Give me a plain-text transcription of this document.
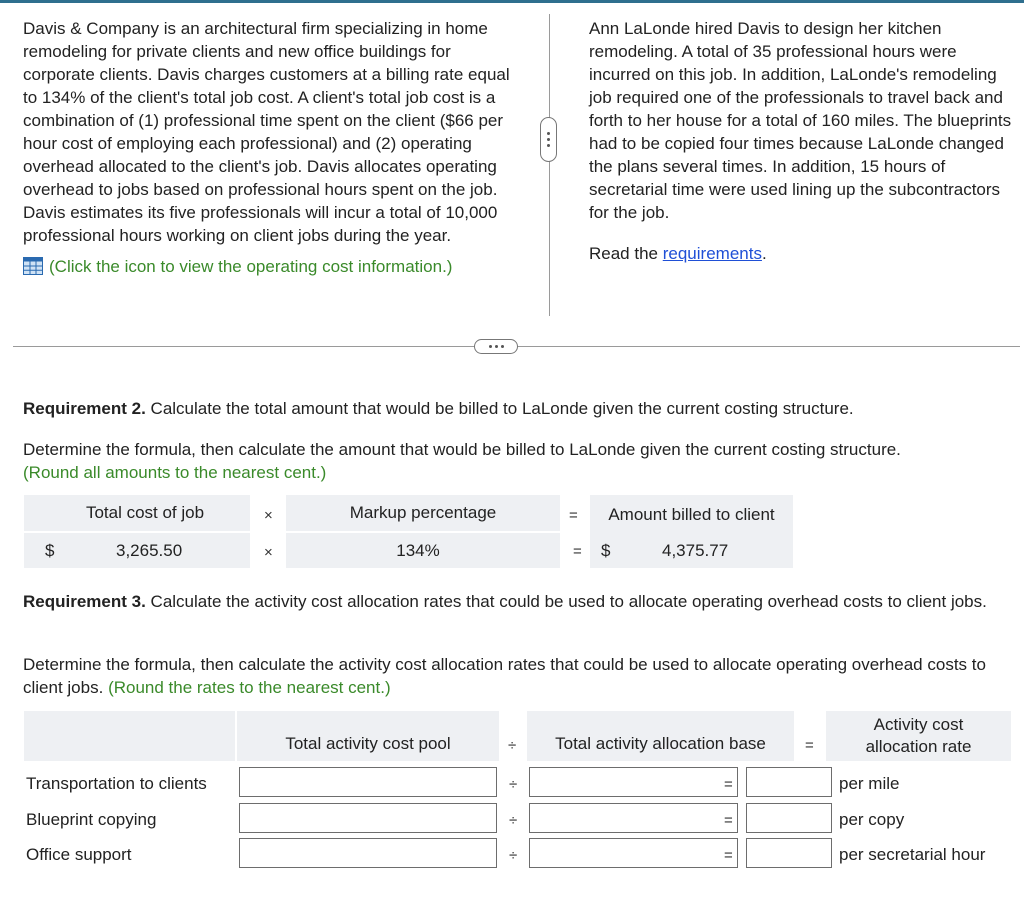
Davis & Company is an architectural firm specializing in home remodeling for private clients and new office buildings for corporate clients. Davis charges customers at a billing rate equal to 134% of the client's total job cost. A client's total job cost is a combination of (1) professional time spent on the client ($66 per hour cost of employing each professional) and (2) operating overhead allocated to the client's job. Davis allocates operating overhead to jobs based on professional hours spent on the job. Davis estimates its five professionals will incur a total of 10,000 professional hours working on client jobs during the year.

(Click the icon to view the operating cost information.)

Ann LaLonde hired Davis to design her kitchen remodeling. A total of 35 professional hours were incurred on this job. In addition, LaLonde's remodeling job required one of the professionals to travel back and forth to her house for a total of 160 miles. The blueprints had to be copied four times because LaLonde changed the plans several times. In addition, 15 hours of secretarial time were used lining up the subcontractors for the job.

Read the requirements.

Requirement 2. Calculate the total amount that would be billed to LaLonde given the current costing structure.
Determine the formula, then calculate the amount that would be billed to LaLonde given the current costing structure.
(Round all amounts to the nearest cent.)
Total cost of job	×	Markup percentage	= Amount billed to client
$	3,265.50	×	134%	= $	4,375.77
Requirement 3. Calculate the activity cost allocation rates that could be used to allocate operating overhead costs to client jobs.
Determine the formula, then calculate the activity cost allocation rates that could be used to allocate operating overhead costs to client jobs. (Round the rates to the nearest cent.)
Total activity cost pool	÷ Total activity allocation base	=
Activity cost
allocation rate
Transportation to clients	÷	=	per mile
Blueprint copying	÷	=	per copy
Office support	÷	=	per secretarial hour
